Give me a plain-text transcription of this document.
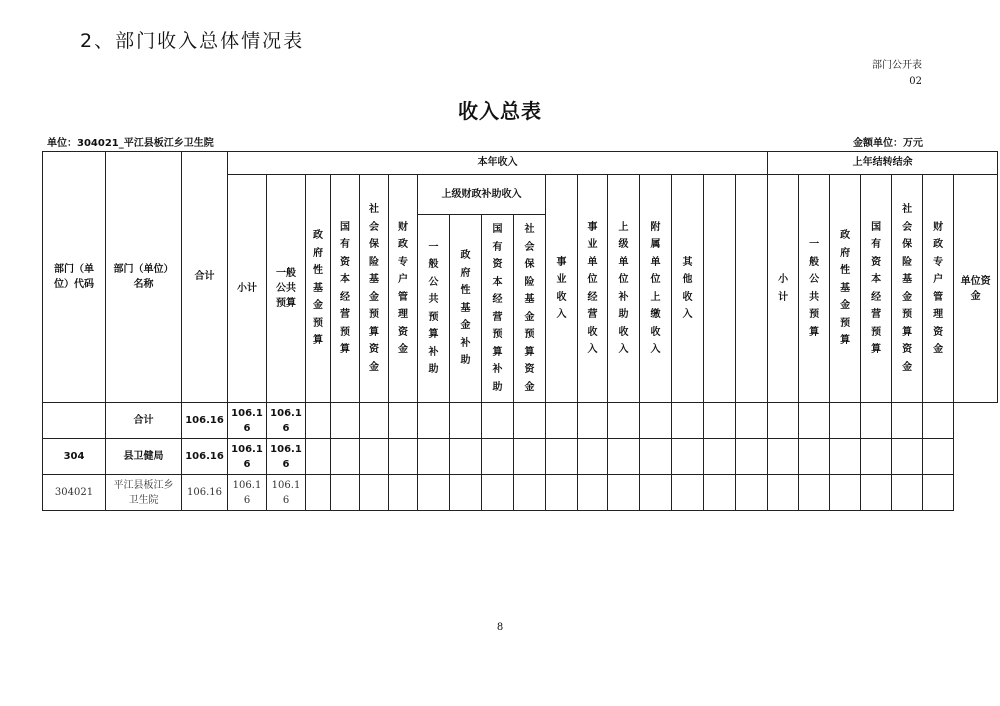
2、部门收入总体情况表
部门公开表
02
收入总表
单位：304021_平江县板江乡卫生院	金额单位：万元
部门（单位）代码	部门（单位）名称	合计	本年收入																	上年结转结余						
			小计	一般公共预算	政府性基金预算	国有资本经营预算	社会保险基金预算资金	财政专户管理资金	上级财政补助收入				事业收入	事业单位经营收入	上级单位补助收入	附属单位上缴收入	其他收入			小计	一般公共预算	政府性基金预算	国有资本经营预算	社会保险基金预算资金	财政专户管理资金	单位资金
									一般公共预算补助	政府性基金补助	国有资本经营预算补助	社会保险基金预算资金														
	合计	106.16	106.16	106.16																						
304	县卫健局	106.16	106.16	106.16																						
304021	平江县板江乡卫生院	106.16	106.16	106.16																						
8
